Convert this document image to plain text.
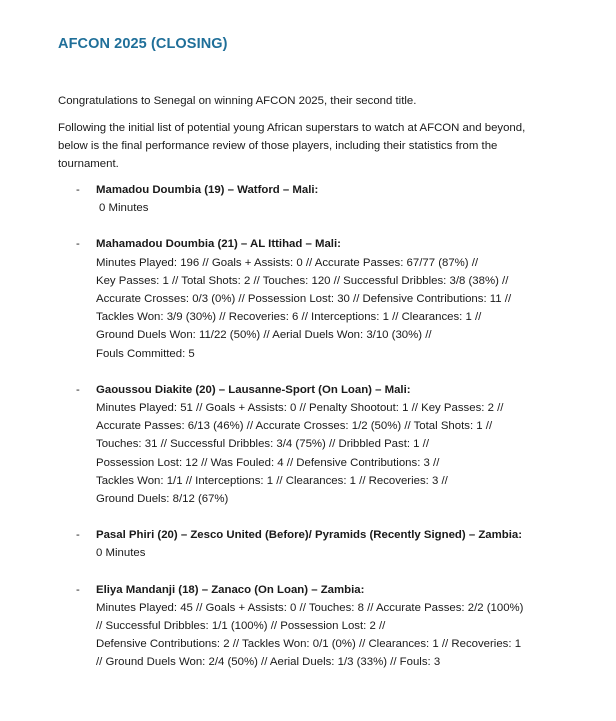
AFCON 2025 (CLOSING)

Congratulations to Senegal on winning AFCON 2025, their second title.

Following the initial list of potential young African superstars to watch at AFCON and beyond, below is the final performance review of those players, including their statistics from the tournament.

- Mamadou Doumbia (19) – Watford – Mali:
0 Minutes
- Mahamadou Doumbia (21) – AL Ittihad – Mali:
Minutes Played: 196 // Goals + Assists: 0 // Accurate Passes: 67/77 (87%) //
Key Passes: 1 // Total Shots: 2 // Touches: 120 // Successful Dribbles: 3/8 (38%) //
Accurate Crosses: 0/3 (0%) // Possession Lost: 30 // Defensive Contributions: 11 //
Tackles Won: 3/9 (30%) // Recoveries: 6 // Interceptions: 1 // Clearances: 1 //
Ground Duels Won: 11/22 (50%) // Aerial Duels Won: 3/10 (30%) //
Fouls Committed: 5
- Gaoussou Diakite (20) – Lausanne-Sport (On Loan) – Mali:
Minutes Played: 51 // Goals + Assists: 0 // Penalty Shootout: 1 // Key Passes: 2 //
Accurate Passes: 6/13 (46%) // Accurate Crosses: 1/2 (50%) // Total Shots: 1 //
Touches: 31 // Successful Dribbles: 3/4 (75%) // Dribbled Past: 1 //
Possession Lost: 12 // Was Fouled: 4 // Defensive Contributions: 3 //
Tackles Won: 1/1 // Interceptions: 1 // Clearances: 1 // Recoveries: 3 //
Ground Duels: 8/12 (67%)
- Pasal Phiri (20) – Zesco United (Before)/ Pyramids (Recently Signed) – Zambia:
0 Minutes
- Eliya Mandanji (18) – Zanaco (On Loan) – Zambia:
Minutes Played: 45 // Goals + Assists: 0 // Touches: 8 // Accurate Passes: 2/2 (100%)
// Successful Dribbles: 1/1 (100%) // Possession Lost: 2 //
Defensive Contributions: 2 // Tackles Won: 0/1 (0%) // Clearances: 1 // Recoveries: 1
// Ground Duels Won: 2/4 (50%) // Aerial Duels: 1/3 (33%) // Fouls: 3
